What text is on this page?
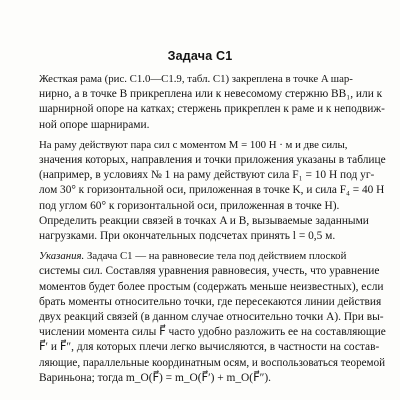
Задача С1

Жесткая рама (рис. С1.0—С1.9, табл. С1) закреплена в точке A шар-
нирно, а в точке B прикреплена или к невесомому стержню BB₁, или к
шарнирной опоре на катках; стержень прикреплен к раме и к неподвиж-
ной опоре шарнирами.

На раму действуют пара сил с моментом M = 100 Н · м и две силы,
значения которых, направления и точки приложения указаны в таблице
(например, в условиях № 1 на раму действуют сила F₁ = 10 Н под уг-
лом 30° к горизонтальной оси, приложенная в точке K, и сила F₄ = 40 Н
под углом 60° к горизонтальной оси, приложенная в точке H).
Определить реакции связей в точках A и B, вызываемые заданными
нагрузками. При окончательных подсчетах принять l = 0,5 м.

Указания. Задача С1 — на равновесие тела под действием плоской
системы сил. Составляя уравнения равновесия, учесть, что уравнение
моментов будет более простым (содержать меньше неизвестных), если
брать моменты относительно точки, где пересекаются линии действия
двух реакций связей (в данном случае относительно точки A). При вы-
числении момента силы F⃗ часто удобно разложить ее на составляющие
F⃗′ и F⃗″, для которых плечи легко вычисляются, в частности на состав-
ляющие, параллельные координатным осям, и воспользоваться теоремой
Вариньона; тогда m_O(F⃗) = m_O(F⃗′) + m_O(F⃗″).
